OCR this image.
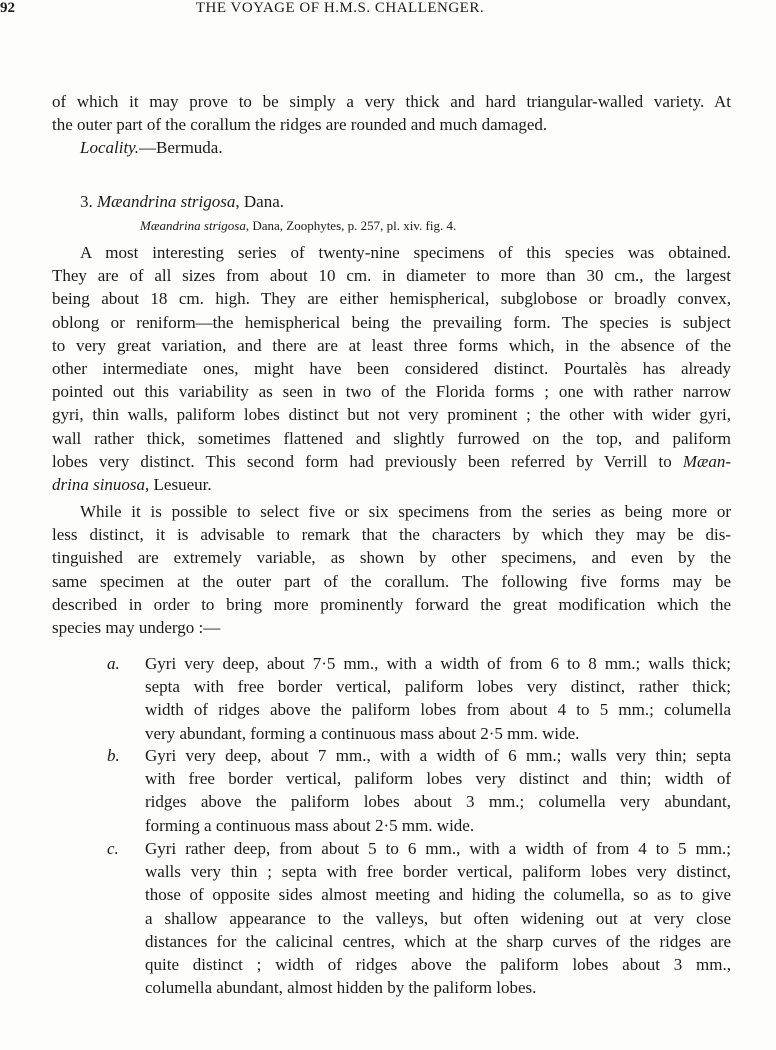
92	THE VOYAGE OF H.M.S. CHALLENGER.
of which it may prove to be simply a very thick and hard triangular-walled variety. At
the outer part of the corallum the ridges are rounded and much damaged.
Locality.—Bermuda.
3. Mæandrina strigosa, Dana.
Mæandrina strigosa, Dana, Zoophytes, p. 257, pl. xiv. fig. 4.
A most interesting series of twenty-nine specimens of this species was obtained.
They are of all sizes from about 10 cm. in diameter to more than 30 cm., the largest
being about 18 cm. high. They are either hemispherical, subglobose or broadly convex,
oblong or reniform—the hemispherical being the prevailing form. The species is subject
to very great variation, and there are at least three forms which, in the absence of the
other intermediate ones, might have been considered distinct. Pourtalès has already
pointed out this variability as seen in two of the Florida forms ; one with rather narrow
gyri, thin walls, paliform lobes distinct but not very prominent ; the other with wider gyri,
wall rather thick, sometimes flattened and slightly furrowed on the top, and paliform
lobes very distinct. This second form had previously been referred by Verrill to Mæan-
drina sinuosa, Lesueur.
While it is possible to select five or six specimens from the series as being more or
less distinct, it is advisable to remark that the characters by which they may be dis-
tinguished are extremely variable, as shown by other specimens, and even by the
same specimen at the outer part of the corallum. The following five forms may be
described in order to bring more prominently forward the great modification which the
species may undergo :—
a. Gyri very deep, about 7·5 mm., with a width of from 6 to 8 mm.; walls thick;
septa with free border vertical, paliform lobes very distinct, rather thick;
width of ridges above the paliform lobes from about 4 to 5 mm.; columella
very abundant, forming a continuous mass about 2·5 mm. wide.
b. Gyri very deep, about 7 mm., with a width of 6 mm.; walls very thin; septa
with free border vertical, paliform lobes very distinct and thin; width of
ridges above the paliform lobes about 3 mm.; columella very abundant,
forming a continuous mass about 2·5 mm. wide.
c. Gyri rather deep, from about 5 to 6 mm., with a width of from 4 to 5 mm.;
walls very thin ; septa with free border vertical, paliform lobes very distinct,
those of opposite sides almost meeting and hiding the columella, so as to give
a shallow appearance to the valleys, but often widening out at very close
distances for the calicinal centres, which at the sharp curves of the ridges are
quite distinct ; width of ridges above the paliform lobes about 3 mm.,
columella abundant, almost hidden by the paliform lobes.
